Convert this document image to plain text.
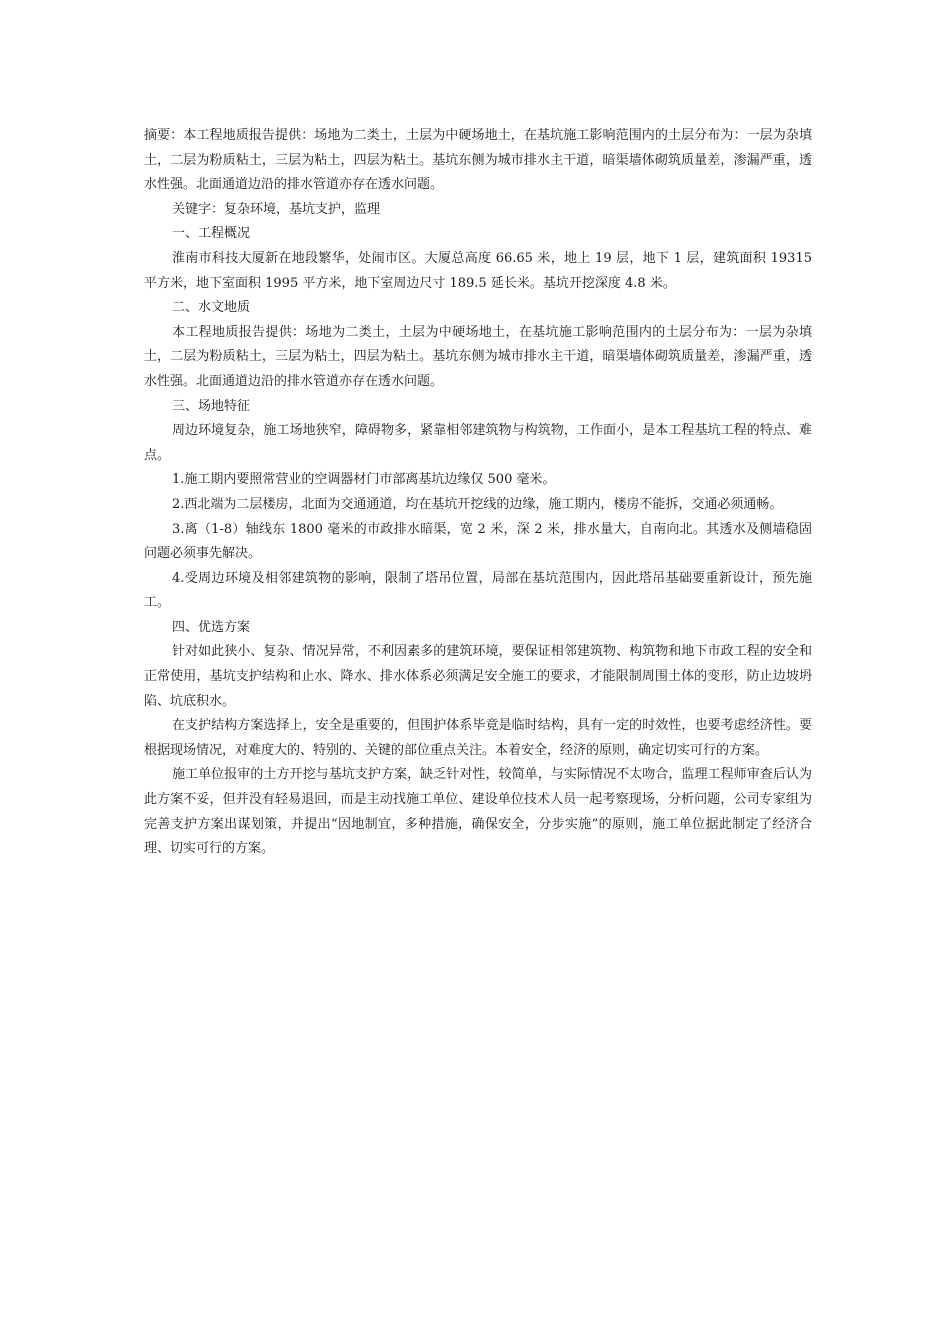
摘要：本工程地质报告提供：场地为二类土，土层为中硬场地土，在基坑施工影响范围内的土层分布为：一层为杂填土，二层为粉质粘土，三层为粘土，四层为粘土。基坑东侧为城市排水主干道，暗渠墙体砌筑质量差，渗漏严重，透水性强。北面通道边沿的排水管道亦存在透水问题。

关键字：复杂环境，基坑支护，监理

一、工程概况

淮南市科技大厦新在地段繁华，处闹市区。大厦总高度 66.65 米，地上 19 层，地下 1 层，建筑面积 19315 平方米，地下室面积 1995 平方米，地下室周边尺寸 189.5 延长米。基坑开挖深度 4.8 米。

二、水文地质

本工程地质报告提供：场地为二类土，土层为中硬场地土，在基坑施工影响范围内的土层分布为：一层为杂填土，二层为粉质粘土，三层为粘土，四层为粘土。基坑东侧为城市排水主干道，暗渠墙体砌筑质量差，渗漏严重，透水性强。北面通道边沿的排水管道亦存在透水问题。

三、场地特征

周边环境复杂，施工场地狭窄，障碍物多，紧靠相邻建筑物与构筑物，工作面小，是本工程基坑工程的特点、难点。

1.施工期内要照常营业的空调器材门市部离基坑边缘仅 500 毫米。

2.西北端为二层楼房，北面为交通通道，均在基坑开挖线的边缘，施工期内，楼房不能拆，交通必须通畅。

3.离（1-8）轴线东 1800 毫米的市政排水暗渠，宽 2 米，深 2 米，排水量大，自南向北。其透水及侧墙稳固问题必须事先解决。

4.受周边环境及相邻建筑物的影响，限制了塔吊位置，局部在基坑范围内，因此塔吊基础要重新设计，预先施工。

四、优选方案

针对如此狭小、复杂、情况异常，不利因素多的建筑环境，要保证相邻建筑物、构筑物和地下市政工程的安全和正常使用，基坑支护结构和止水、降水、排水体系必须满足安全施工的要求，才能限制周围土体的变形，防止边坡坍陷、坑底积水。

在支护结构方案选择上，安全是重要的，但围护体系毕竟是临时结构，具有一定的时效性，也要考虑经济性。要根据现场情况，对难度大的、特别的、关键的部位重点关注。本着安全，经济的原则，确定切实可行的方案。

施工单位报审的土方开挖与基坑支护方案，缺乏针对性，较简单，与实际情况不太吻合，监理工程师审查后认为此方案不妥，但并没有轻易退回，而是主动找施工单位、建设单位技术人员一起考察现场，分析问题，公司专家组为完善支护方案出谋划策，并提出“因地制宜，多种措施，确保安全，分步实施”的原则，施工单位据此制定了经济合理、切实可行的方案。
